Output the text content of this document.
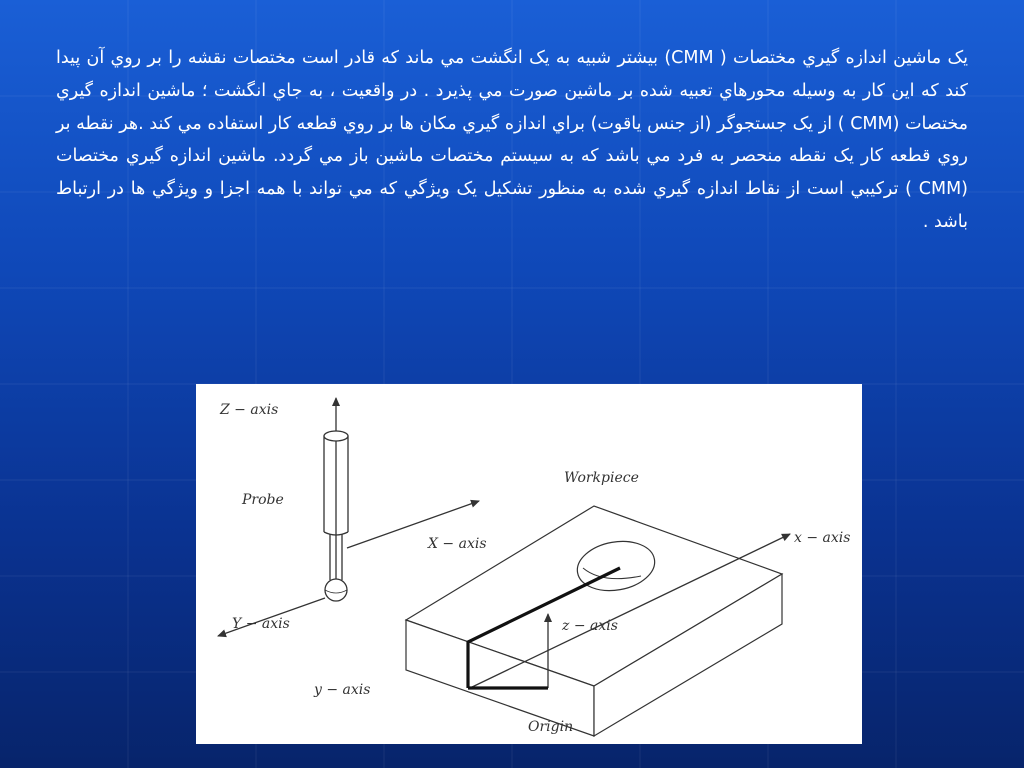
يک ماشين اندازه گيري مختصات ( CMM) بيشتر شبيه به يک انگشت مي ماند که قادر است مختصات نقشه را بر روي آن پيدا کند که اين کار به وسيله محورهاي تعبيه شده بر ماشين صورت مي پذيرد . در واقعيت ، به جاي انگشت ؛ ماشين اندازه گيري مختصات (CMM ) از يک جستجوگر (از جنس ياقوت) براي اندازه گيري مکان ها بر روي قطعه کار استفاده مي کند .هر نقطه بر روي قطعه کار يک نقطه منحصر به فرد مي باشد که به سيستم مختصات ماشين باز مي گردد. ماشين اندازه گيري مختصات (CMM ) ترکيبي است از نقاط اندازه گيري شده به منظور تشکيل يک ويژگي که مي تواند با همه اجزا و ويژگي ها در ارتباط باشد .

Z − axis
Probe
X − axis
Y − axis
Workpiece
x − axis
z − axis
y − axis
Origin
